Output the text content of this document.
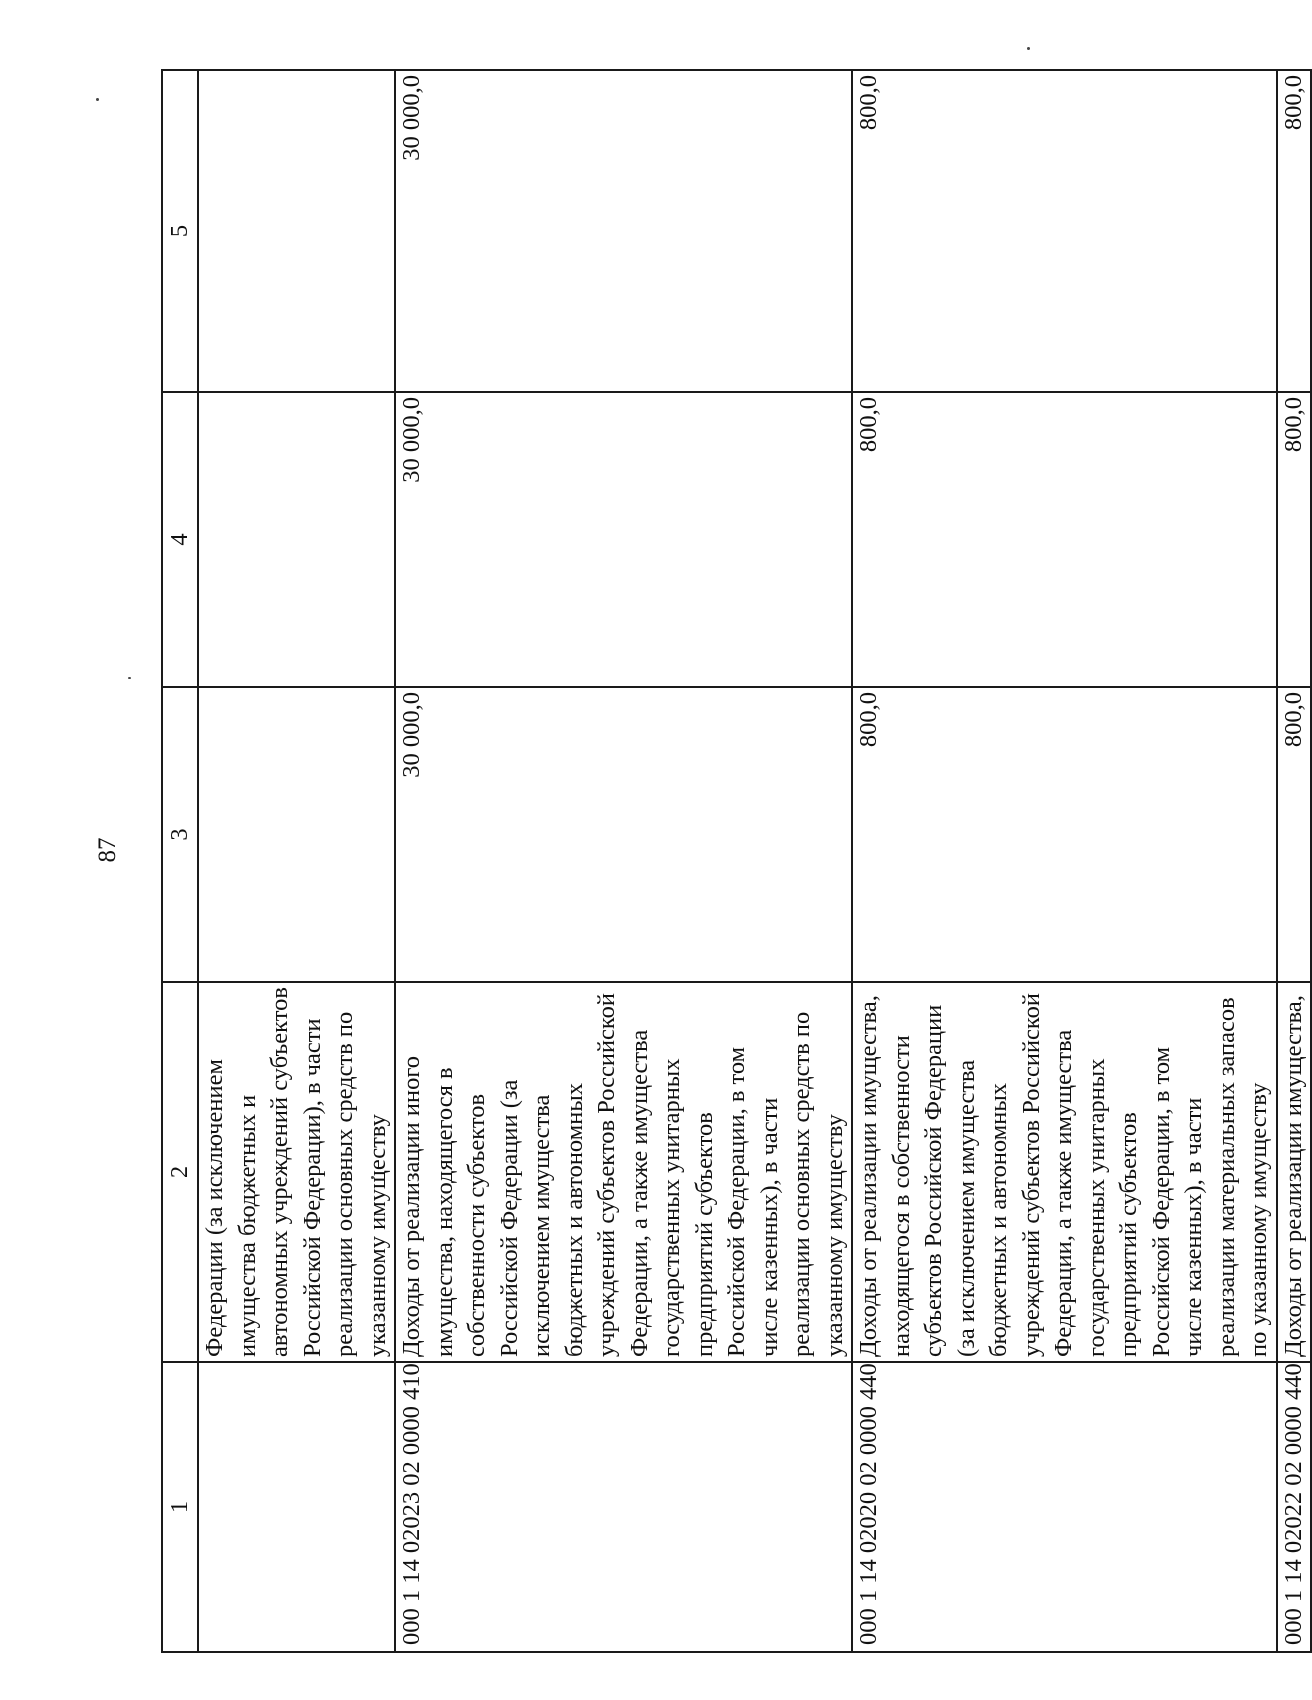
87
1	2	3	4	5
	Федерации (за исключением имущества бюджетных и автономных учреждений субъектов Российской Федерации), в части реализации основных средств по указанному имуществу			
000 1 14 02023 02 0000 410	Доходы от реализации иного имущества, находящегося в собственности субъектов Российской Федерации (за исключением имущества бюджетных и автономных учреждений субъектов Российской Федерации, а также имущества государственных унитарных предприятий субъектов Российской Федерации, в том числе казенных), в части реализации основных средств по указанному имуществу	30 000,0	30 000,0	30 000,0
000 1 14 02020 02 0000 440	Доходы от реализации имущества, находящегося в собственности субъектов Российской Федерации (за исключением имущества бюджетных и автономных учреждений субъектов Российской Федерации, а также имущества государственных унитарных предприятий субъектов Российской Федерации, в том числе казенных), в части реализации материальных запасов по указанному имуществу	800,0	800,0	800,0
000 1 14 02022 02 0000 440	Доходы от реализации имущества,	800,0	800,0	800,0
